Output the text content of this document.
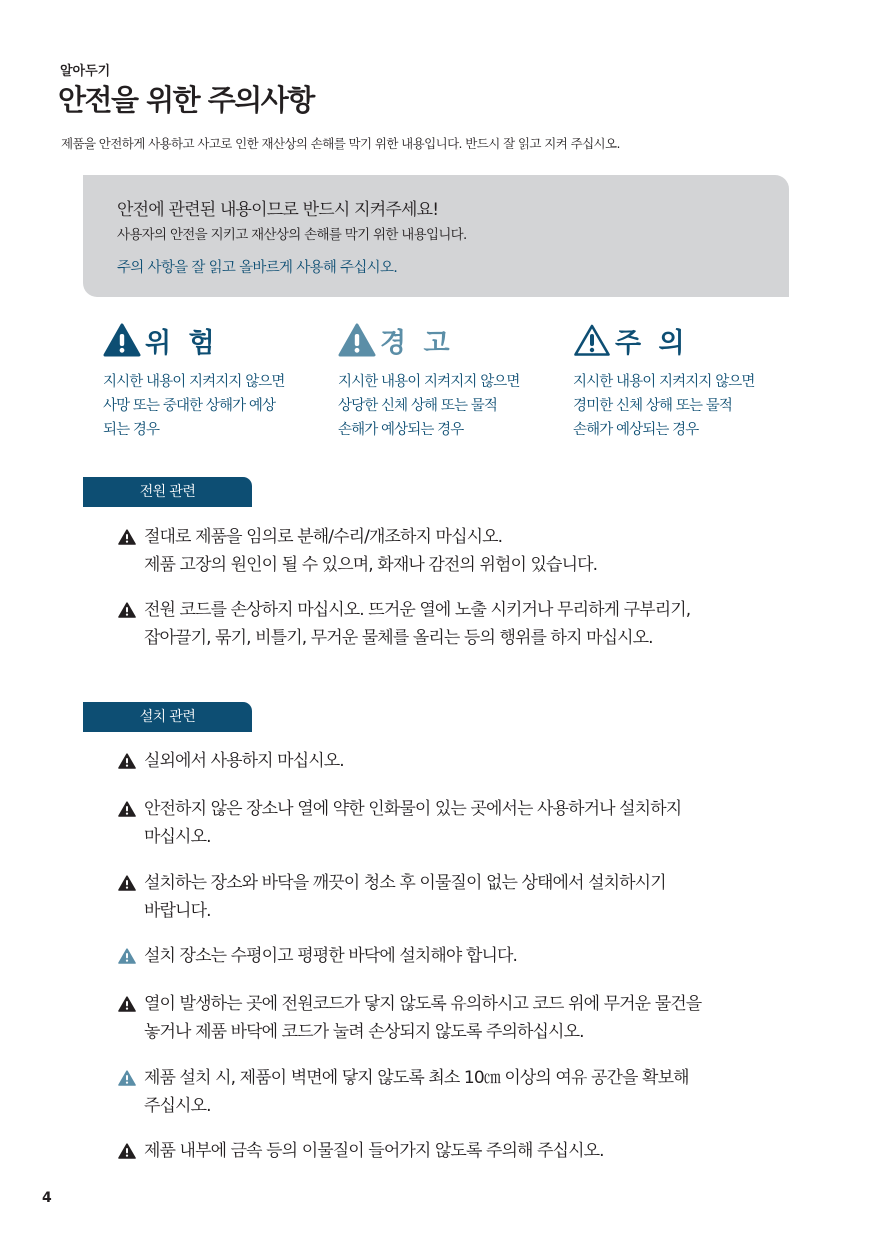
알아두기
안전을 위한 주의사항
제품을 안전하게 사용하고 사고로 인한 재산상의 손해를 막기 위한 내용입니다. 반드시 잘 읽고 지켜 주십시오.
안전에 관련된 내용이므로 반드시 지켜주세요!
사용자의 안전을 지키고 재산상의 손해를 막기 위한 내용입니다.
주의 사항을 잘 읽고 올바르게 사용해 주십시오.
위 험
지시한 내용이 지켜지지 않으면
사망 또는 중대한 상해가 예상
되는 경우
경 고
지시한 내용이 지켜지지 않으면
상당한 신체 상해 또는 물적
손해가 예상되는 경우
주 의
지시한 내용이 지켜지지 않으면
경미한 신체 상해 또는 물적
손해가 예상되는 경우
전원 관련
절대로 제품을 임의로 분해/수리/개조하지 마십시오.
제품 고장의 원인이 될 수 있으며, 화재나 감전의 위험이 있습니다.
전원 코드를 손상하지 마십시오. 뜨거운 열에 노출 시키거나 무리하게 구부리기,
잡아끌기, 묶기, 비틀기, 무거운 물체를 올리는 등의 행위를 하지 마십시오.
설치 관련
실외에서 사용하지 마십시오.
안전하지 않은 장소나 열에 약한 인화물이 있는 곳에서는 사용하거나 설치하지
마십시오.
설치하는 장소와 바닥을 깨끗이 청소 후 이물질이 없는 상태에서 설치하시기
바랍니다.
설치 장소는 수평이고 평평한 바닥에 설치해야 합니다.
열이 발생하는 곳에 전원코드가 닿지 않도록 유의하시고 코드 위에 무거운 물건을
놓거나 제품 바닥에 코드가 눌려 손상되지 않도록 주의하십시오.
제품 설치 시, 제품이 벽면에 닿지 않도록 최소 10㎝ 이상의 여유 공간을 확보해
주십시오.
제품 내부에 금속 등의 이물질이 들어가지 않도록 주의해 주십시오.
4
